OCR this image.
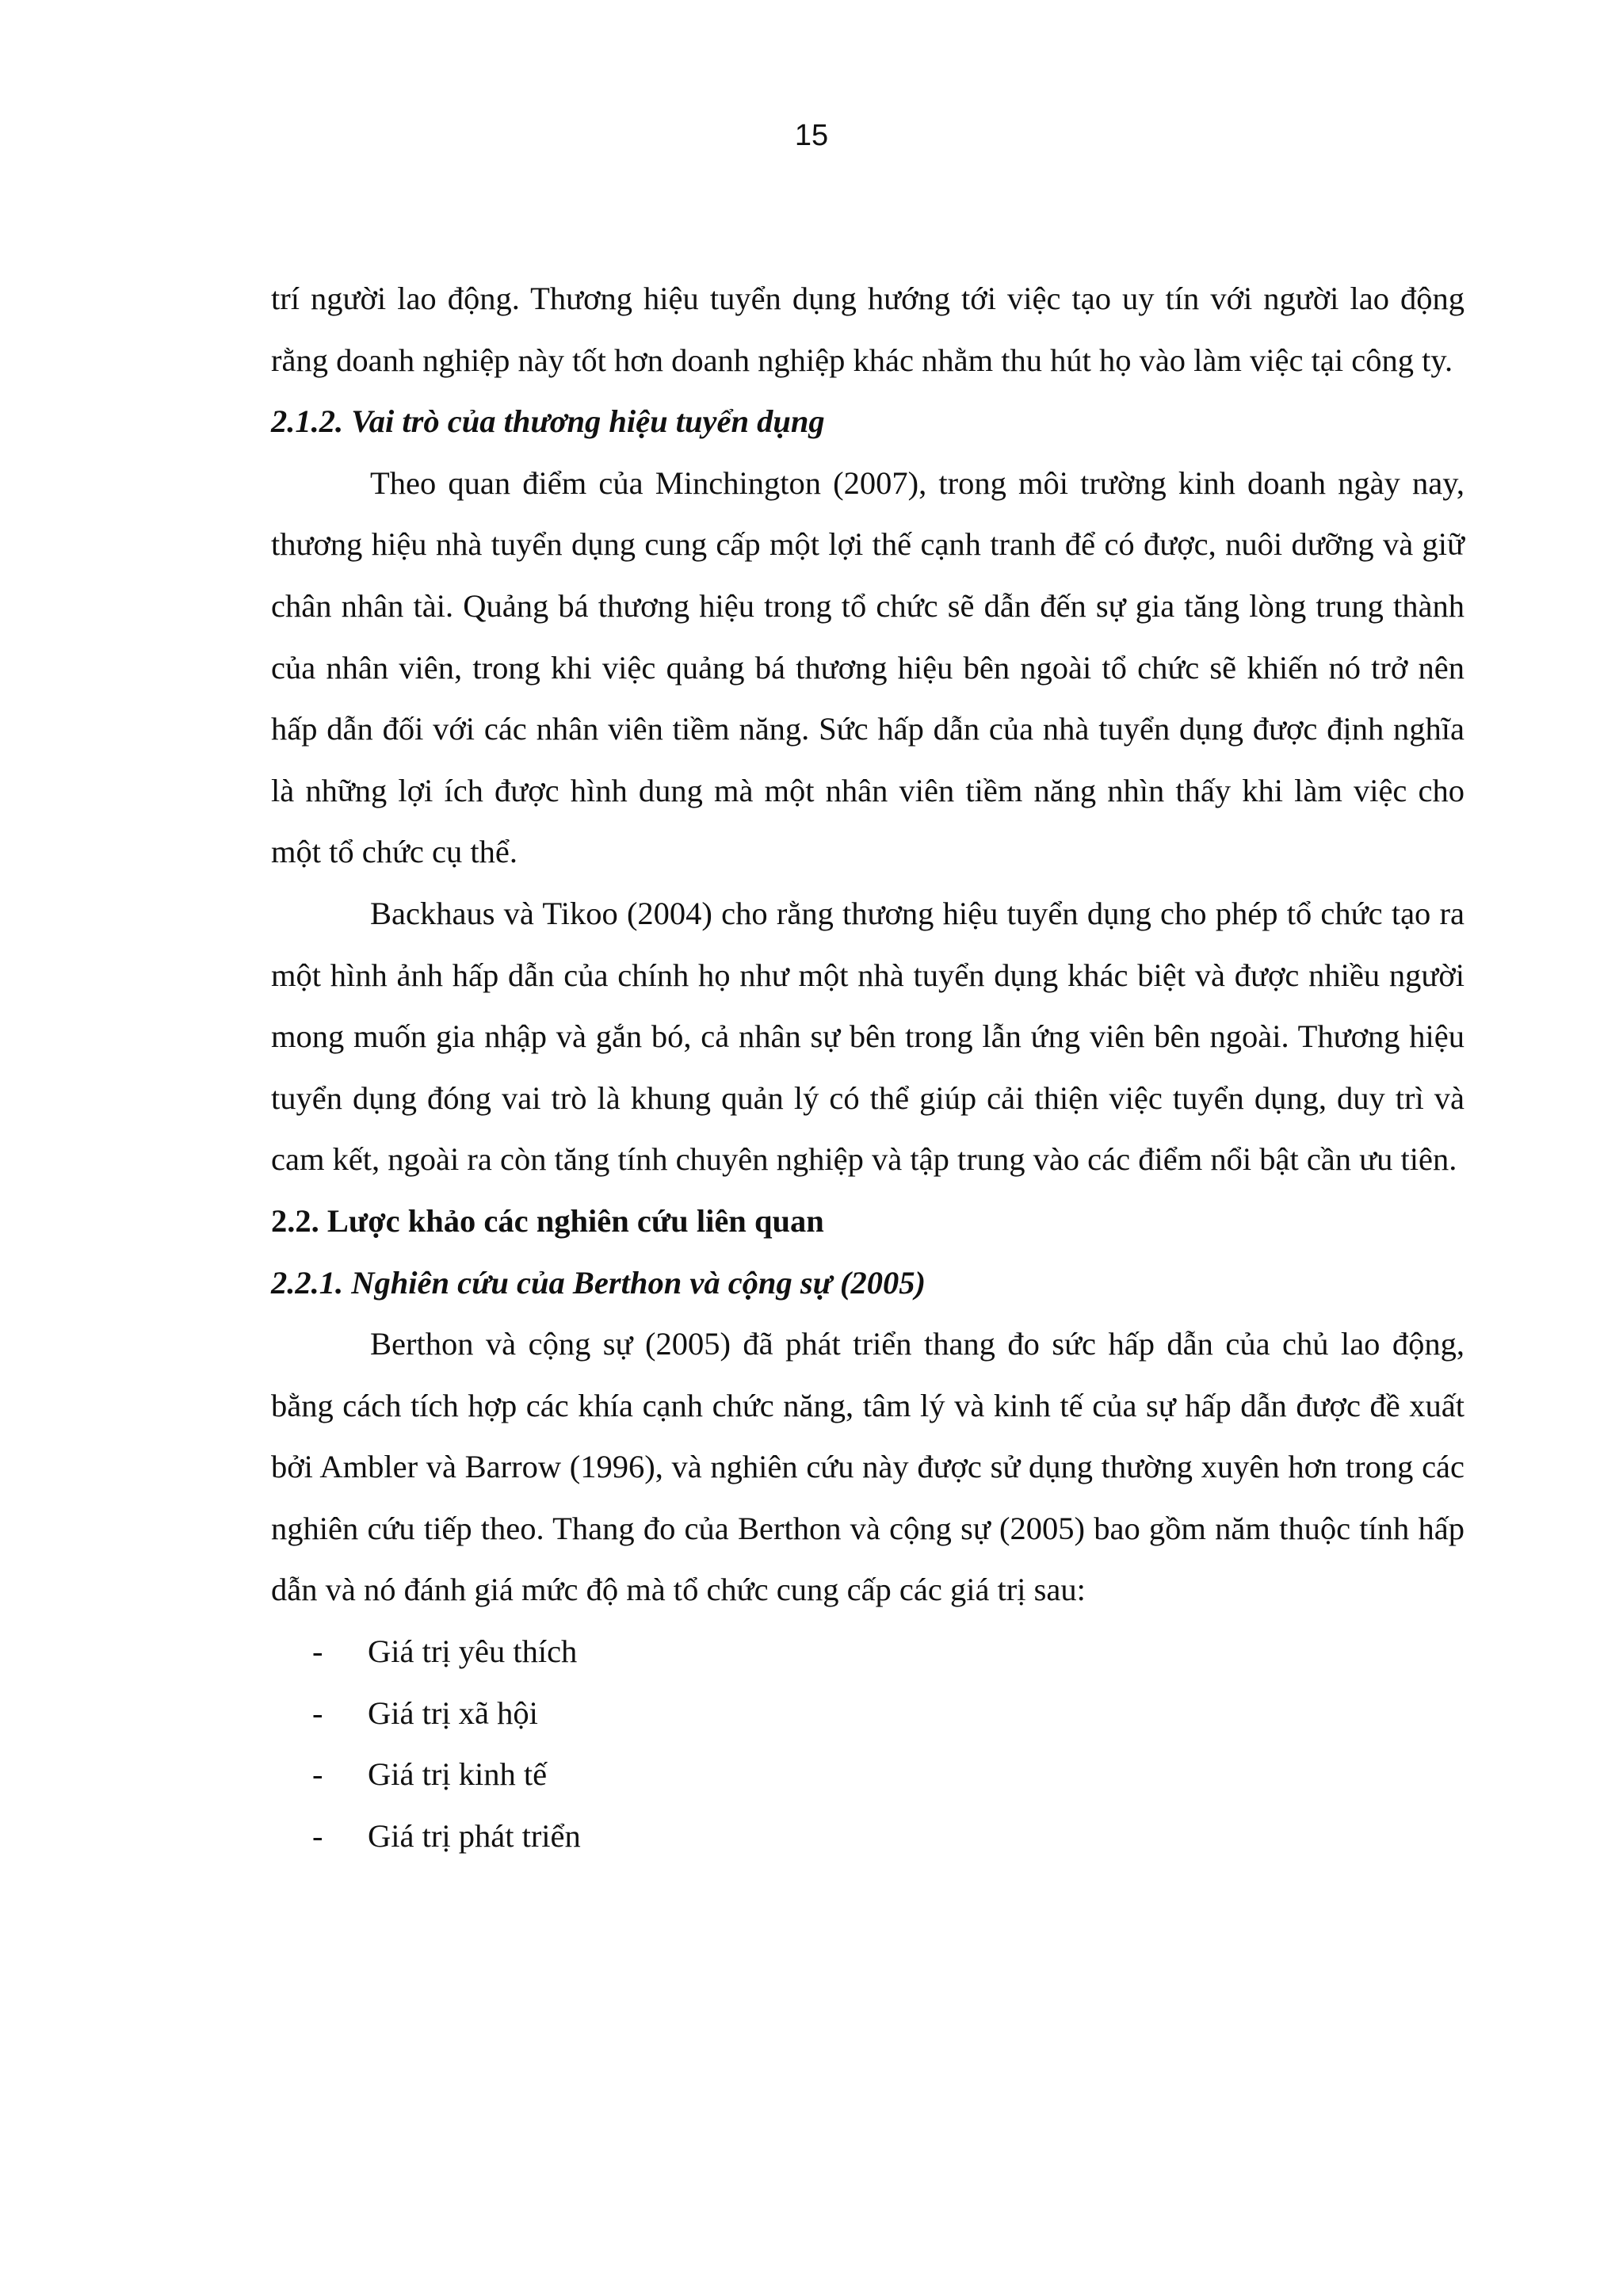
15

trí người lao động. Thương hiệu tuyển dụng hướng tới việc tạo uy tín với người lao động rằng doanh nghiệp này tốt hơn doanh nghiệp khác nhằm thu hút họ vào làm việc tại công ty.

2.1.2. Vai trò của thương hiệu tuyển dụng

Theo quan điểm của Minchington (2007), trong môi trường kinh doanh ngày nay, thương hiệu nhà tuyển dụng cung cấp một lợi thế cạnh tranh để có được, nuôi dưỡng và giữ chân nhân tài. Quảng bá thương hiệu trong tổ chức sẽ dẫn đến sự gia tăng lòng trung thành của nhân viên, trong khi việc quảng bá thương hiệu bên ngoài tổ chức sẽ khiến nó trở nên hấp dẫn đối với các nhân viên tiềm năng. Sức hấp dẫn của nhà tuyển dụng được định nghĩa là những lợi ích được hình dung mà một nhân viên tiềm năng nhìn thấy khi làm việc cho một tổ chức cụ thể.

Backhaus và Tikoo (2004) cho rằng thương hiệu tuyển dụng cho phép tổ chức tạo ra một hình ảnh hấp dẫn của chính họ như một nhà tuyển dụng khác biệt và được nhiều người mong muốn gia nhập và gắn bó, cả nhân sự bên trong lẫn ứng viên bên ngoài. Thương hiệu tuyển dụng đóng vai trò là khung quản lý có thể giúp cải thiện việc tuyển dụng, duy trì và cam kết, ngoài ra còn tăng tính chuyên nghiệp và tập trung vào các điểm nổi bật cần ưu tiên.

2.2. Lược khảo các nghiên cứu liên quan
2.2.1. Nghiên cứu của Berthon và cộng sự (2005)

Berthon và cộng sự (2005) đã phát triển thang đo sức hấp dẫn của chủ lao động, bằng cách tích hợp các khía cạnh chức năng, tâm lý và kinh tế của sự hấp dẫn được đề xuất bởi Ambler và Barrow (1996), và nghiên cứu này được sử dụng thường xuyên hơn trong các nghiên cứu tiếp theo. Thang đo của Berthon và cộng sự (2005) bao gồm năm thuộc tính hấp dẫn và nó đánh giá mức độ mà tổ chức cung cấp các giá trị sau:

- Giá trị yêu thích
- Giá trị xã hội
- Giá trị kinh tế
- Giá trị phát triển
